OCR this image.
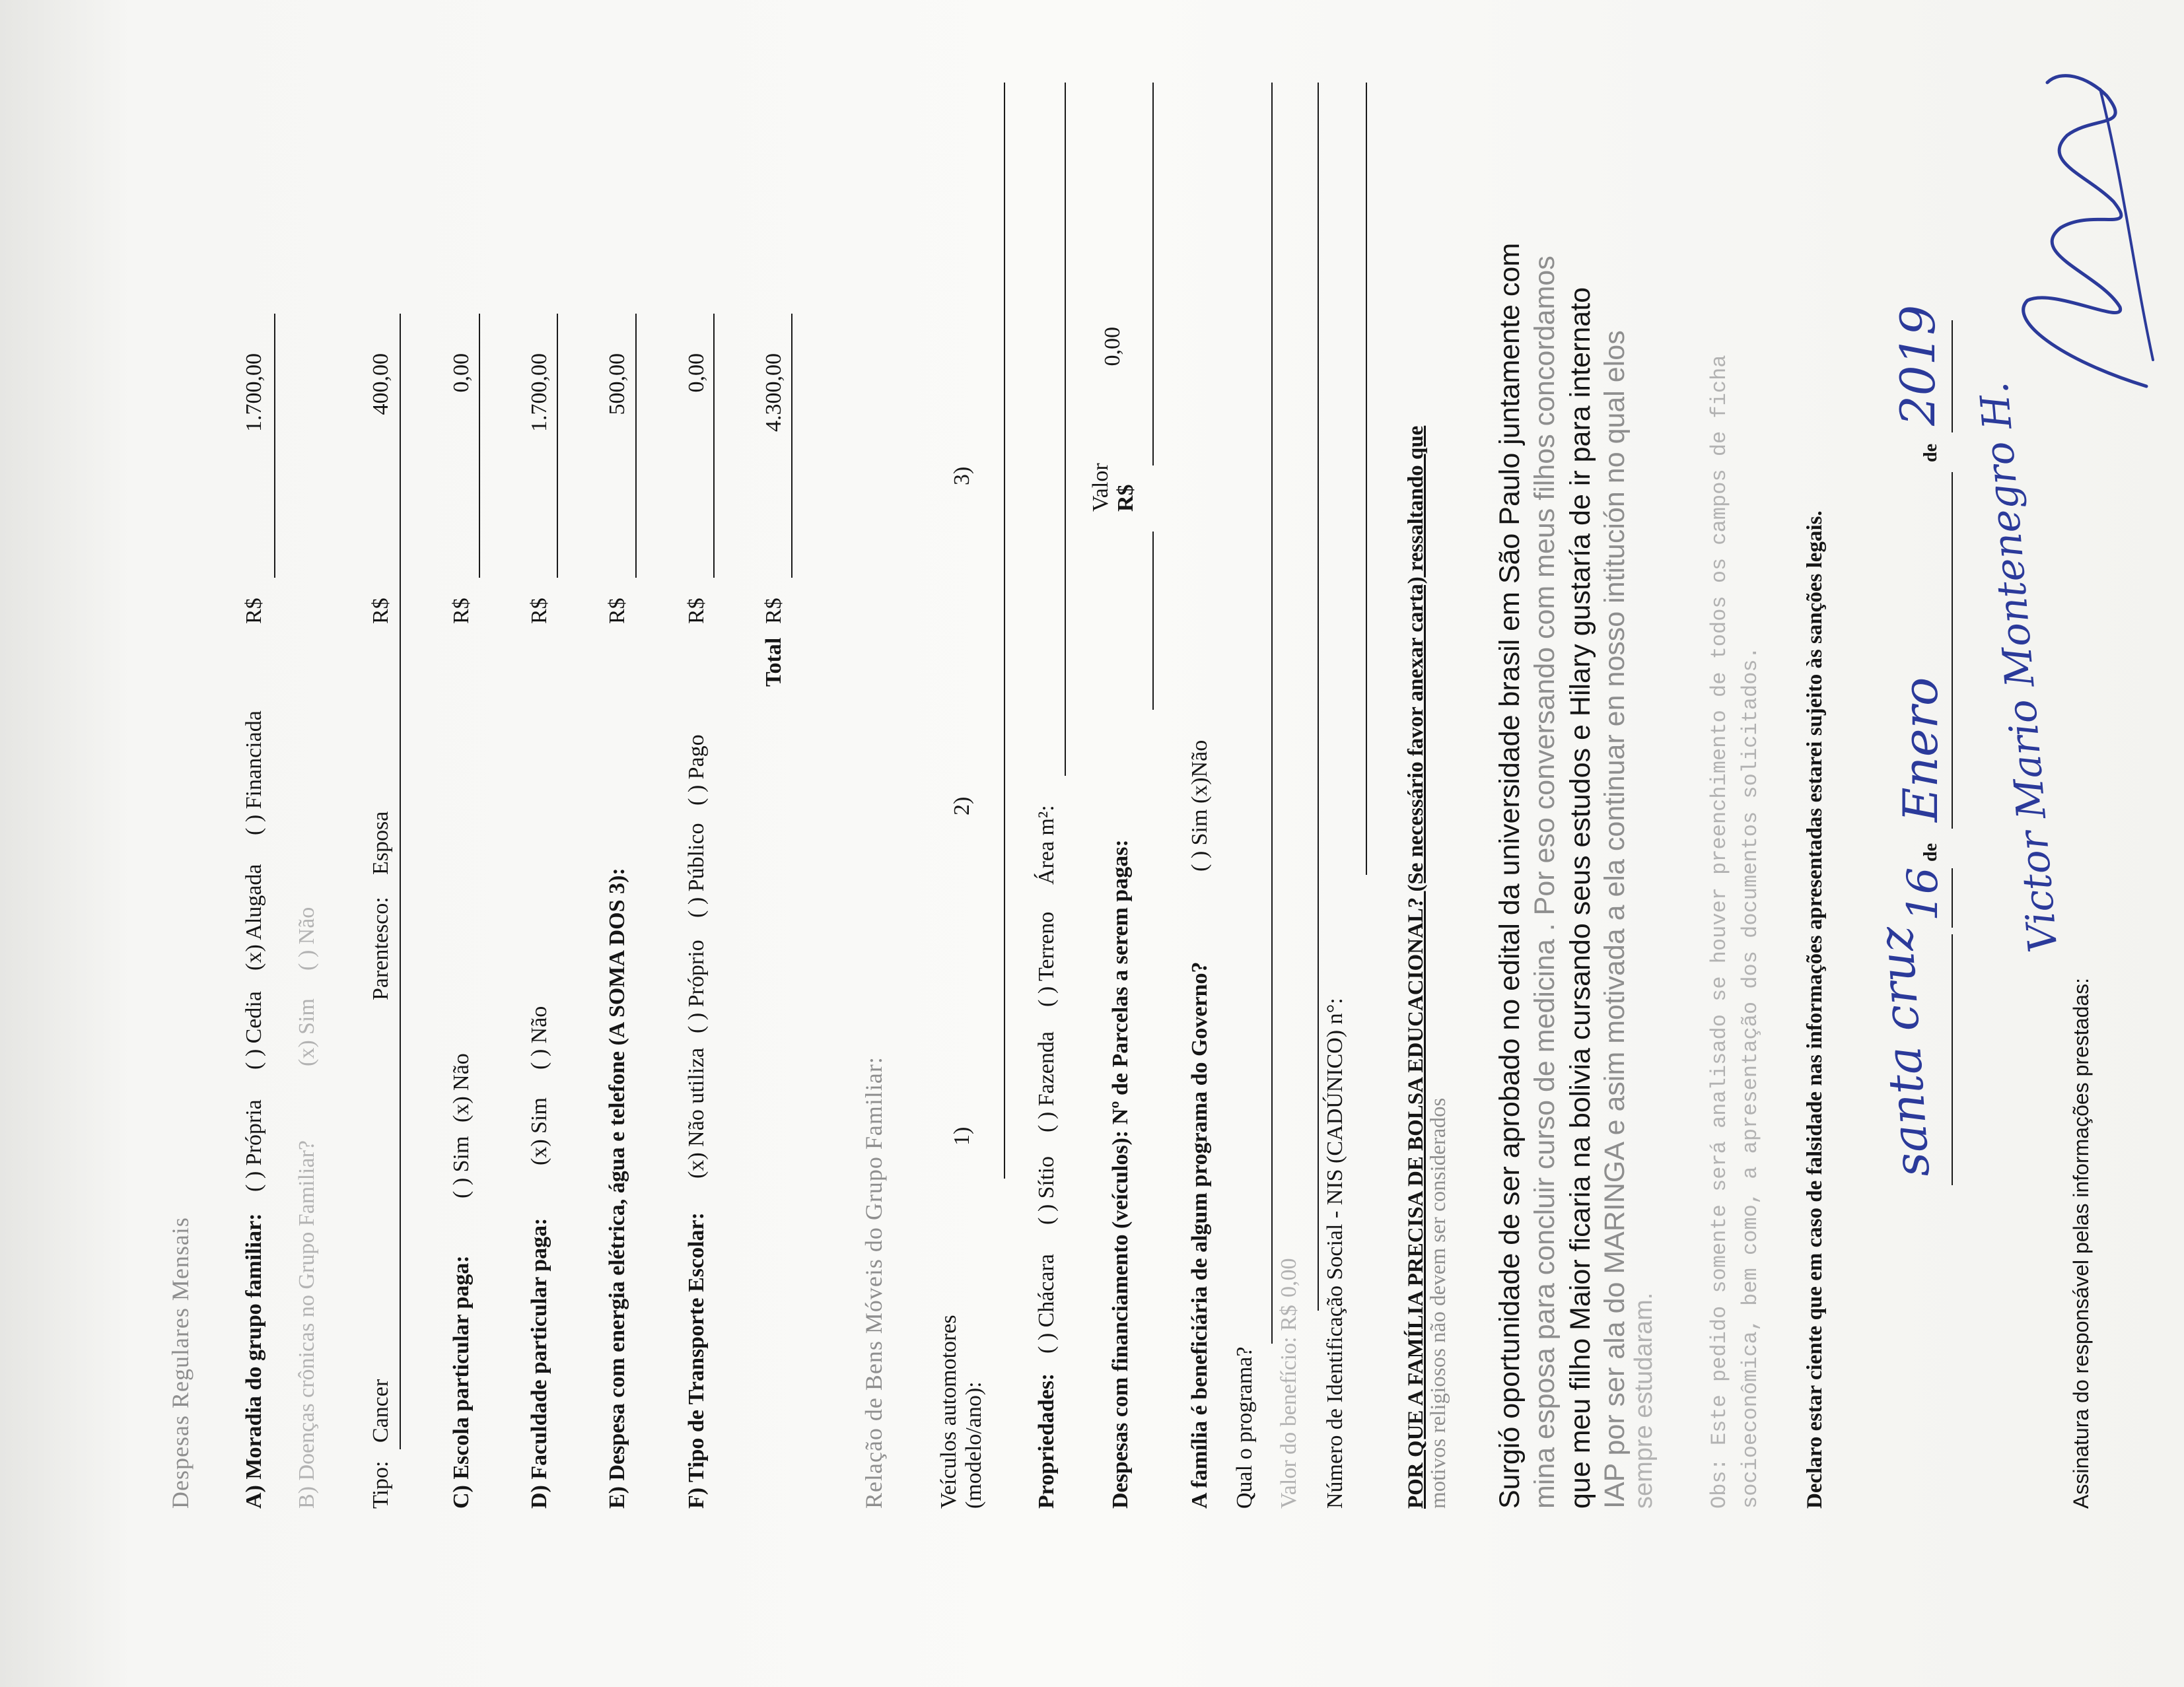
Despesas Regulares Mensais A) Moradia do grupo familiar:
( ) Própria
( ) Cedia
(x) Alugada
( ) Financiada
R$
1.700,00
B) Doenças crônicas no Grupo Familiar?
(x) Sim
( ) Não
Tipo:
Cancer
Parentesco:
Esposa
R$
400,00
C) Escola particular paga:
( ) Sim
(x) Não
R$
0,00
D) Faculdade particular paga:
(x) Sim
( ) Não
R$
1.700,00
E) Despesa com energia elétrica, água e telefone (A SOMA DOS 3):
R$
500,00
F) Tipo de Transporte Escolar:
(x) Não utiliza
( ) Próprio
( ) Público
( ) Pago
R$
0,00
Total
R$
4.300,00
Relação de Bens Móveis do Grupo Familiar: Veículos automotores (modelo/ano):
1)
2)
3)
Propriedades:
( ) Chácara
( ) Sítio
( ) Fazenda
( ) Terreno
Área m²: Despesas com financiamento (veículos): Nº de Parcelas a serem pagas:
Valor R$
0,00
A família é beneficiária de algum programa do Governo?
( ) Sim (x)Não
Qual o programa? Valor do benefício: R$
0,00 Número de Identificação Social - NIS (CADÚNICO) n°:	POR QUE A FAMÍLIA PRECISA DE BOLSA EDUCACIONAL? (Se necessário favor anexar carta) ressaltando que
motivos religiosos não devem ser considerados Surgió oportunidade de ser aprobado no edital da universidade brasil em São Paulo juntamente com mina esposa para concluir curso de medicina . Por eso conversando com meus filhos concordamos que meu filho Maior ficaria na bolivia cursando seus estudos e Hilary gustaría de ir para internato IAP por ser ala do MARINGA e asim motivada a ela continuar en nosso intitución no qual elos sempre estudaram. Obs: Este pedido somente será analisado se houver preenchimento de todos os campos de ficha socioeconômica, bem como, a apresentação dos documentos solicitados. Declaro estar ciente que em caso de falsidade nas informações apresentadas estarei sujeito às sanções legais. santa cruz
16
de
Enero
de
2019
Assinatura do responsável pelas informações prestadas:
Victor Mario Montenegro H.
